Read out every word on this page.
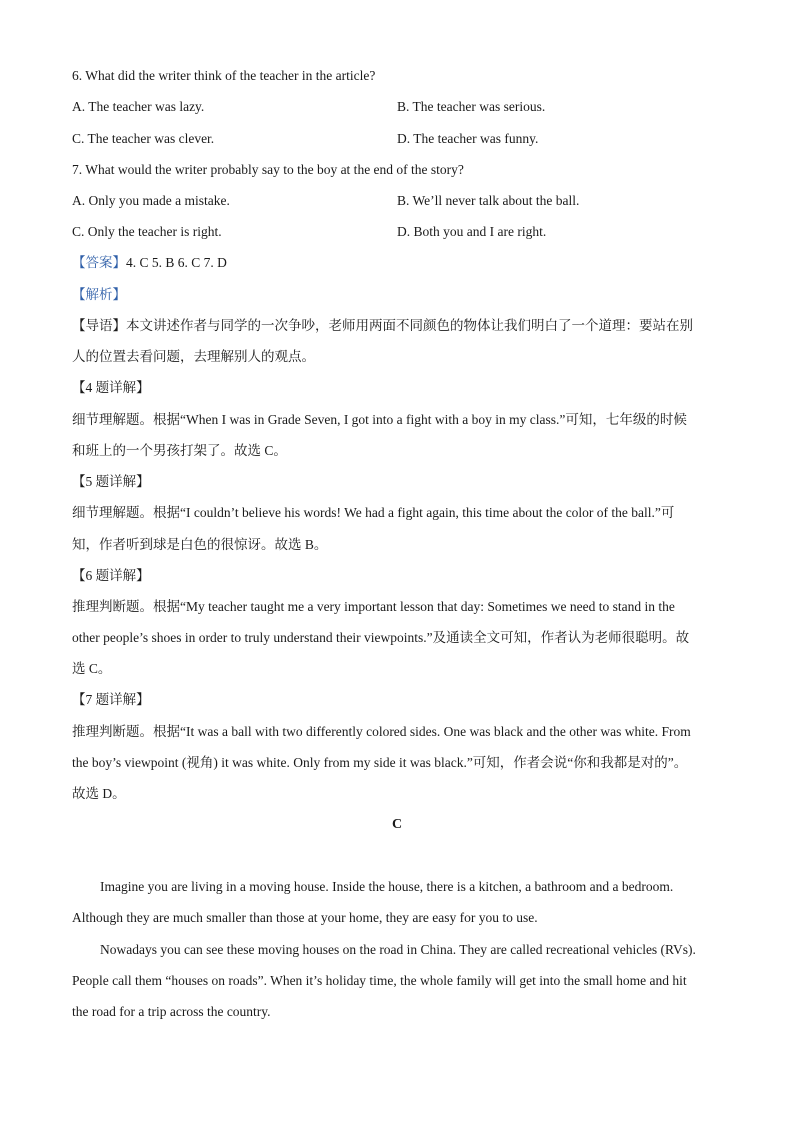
6. What did the writer think of the teacher in the article?
A. The teacher was lazy.	B. The teacher was serious.
C. The teacher was clever.	D. The teacher was funny.
7. What would the writer probably say to the boy at the end of the story?
A. Only you made a mistake.	B. We’ll never talk about the ball.
C. Only the teacher is right.	D. Both you and I are right.
【答案】4. C 5. B 6. C 7. D
【解析】
【导语】本文讲述作者与同学的一次争吵，老师用两面不同颜色的物体让我们明白了一个道理：要站在别
人的位置去看问题，去理解别人的观点。
【4 题详解】
细节理解题。根据“When I was in Grade Seven, I got into a fight with a boy in my class.”可知，七年级的时候
和班上的一个男孩打架了。故选 C。
【5 题详解】
细节理解题。根据“I couldn’t believe his words! We had a fight again, this time about the color of the ball.”可
知，作者听到球是白色的很惊讶。故选 B。
【6 题详解】
推理判断题。根据“My teacher taught me a very important lesson that day: Sometimes we need to stand in the
other people’s shoes in order to truly understand their viewpoints.”及通读全文可知，作者认为老师很聪明。故
选 C。
【7 题详解】
推理判断题。根据“It was a ball with two differently colored sides. One was black and the other was white. From
the boy’s viewpoint (视角) it was white. Only from my side it was black.”可知，作者会说“你和我都是对的”。
故选 D。
C
Imagine you are living in a moving house. Inside the house, there is a kitchen, a bathroom and a bedroom.
Although they are much smaller than those at your home, they are easy for you to use.
Nowadays you can see these moving houses on the road in China. They are called recreational vehicles (RVs).
People call them “houses on roads”. When it’s holiday time, the whole family will get into the small home and hit
the road for a trip across the country.
